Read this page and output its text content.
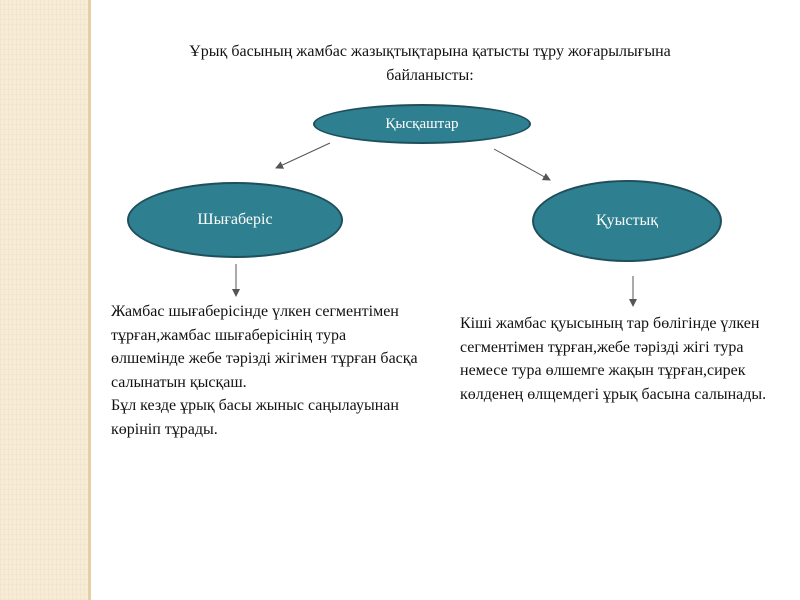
Ұрық басының жамбас жазықтықтарына қатысты тұру жоғарылығына
байланысты:
Қысқаштар
Шығаберіс	Қуыстық

Жамбас шығаберісінде үлкен сегментімен тұрған,жамбас шығаберісінің тура өлшемінде жебе тәрізді жігімен тұрған басқа салынатын қысқаш.

Бұл кезде ұрық басы жыныс саңылауынан көрініп тұрады.

Кіші жамбас қуысының тар бөлігінде үлкен сегментімен тұрған,жебе тәрізді жігі тура немесе тура өлшемге жақын тұрған,сирек көлденең өлщемдегі ұрық басына салынады.
